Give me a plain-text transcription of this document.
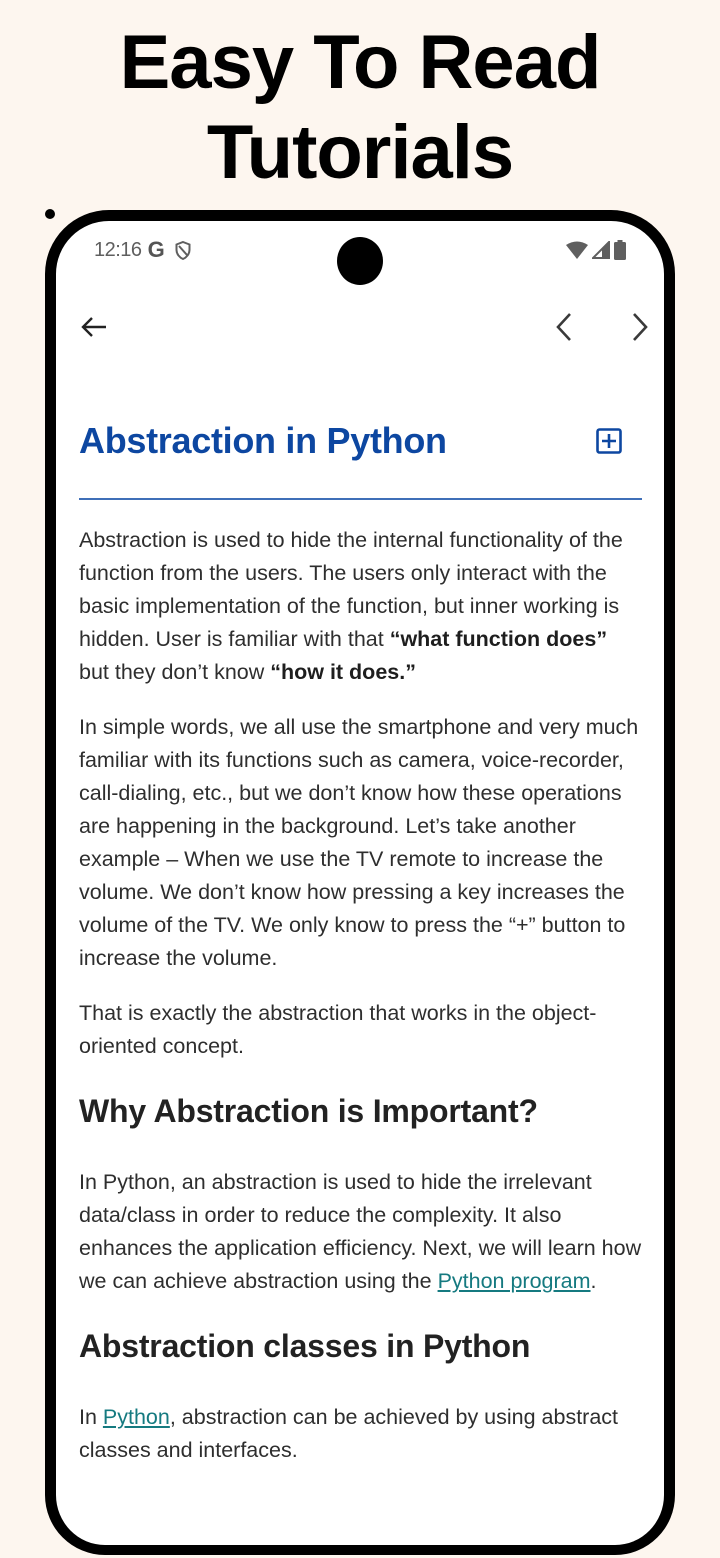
Easy To Read
Tutorials
12:16 G
Abstraction in Python

Abstraction is used to hide the internal functionality of the function from the users. The users only interact with the basic implementation of the function, but inner working is hidden. User is familiar with that “what function does” but they don’t know “how it does.”

In simple words, we all use the smartphone and very much familiar with its functions such as camera, voice-recorder, call-dialing, etc., but we don’t know how these operations are happening in the background. Let’s take another example – When we use the TV remote to increase the volume. We don’t know how pressing a key increases the volume of the TV. We only know to press the “+” button to increase the volume.

That is exactly the abstraction that works in the object-oriented concept.

Why Abstraction is Important?

In Python, an abstraction is used to hide the irrelevant data/class in order to reduce the complexity. It also enhances the application efficiency. Next, we will learn how we can achieve abstraction using the Python program.

Abstraction classes in Python

In Python, abstraction can be achieved by using abstract classes and interfaces.
